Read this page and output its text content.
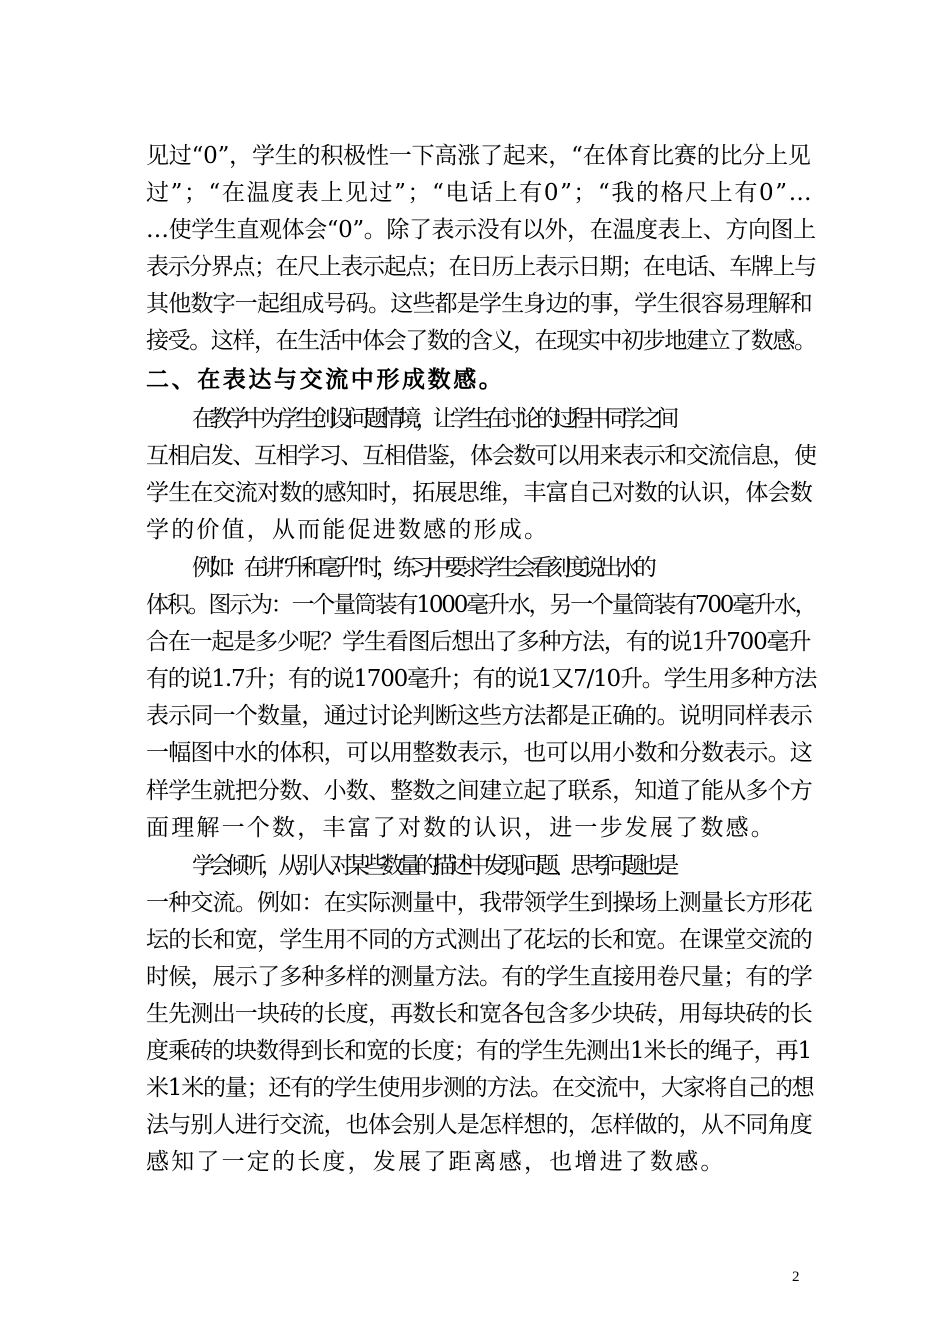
见过“0”，学生的积极性一下高涨了起来，“在体育比赛的比分上见
过”；“在温度表上见过”；“电话上有0”；“我的格尺上有0”…
…使学生直观体会“0”。除了表示没有以外，在温度表上、方向图上
表示分界点；在尺上表示起点；在日历上表示日期；在电话、车牌上与
其他数字一起组成号码。这些都是学生身边的事，学生很容易理解和
接受。这样，在生活中体会了数的含义，在现实中初步地建立了数感。
二、在表达与交流中形成数感。
在教学中为学生创设问题情境，让学生在讨论的过程中同学之间
互相启发、互相学习、互相借鉴，体会数可以用来表示和交流信息，使
学生在交流对数的感知时，拓展思维，丰富自己对数的认识，体会数
学的价值，从而能促进数感的形成。
例如：在讲“升和毫升”时，练习中要求学生会看刻度说出水的
体积。图示为：一个量筒装有1000毫升水，另一个量筒装有700毫升水，
合在一起是多少呢？学生看图后想出了多种方法，有的说1升700毫升
有的说1.7升；有的说1700毫升；有的说1又7/10升。学生用多种方法
表示同一个数量，通过讨论判断这些方法都是正确的。说明同样表示
一幅图中水的体积，可以用整数表示，也可以用小数和分数表示。这
样学生就把分数、小数、整数之间建立起了联系，知道了能从多个方
面理解一个数，丰富了对数的认识，进一步发展了数感。
学会倾听，从别人对某些数量的描述中发现问题、思考问题也是
一种交流。例如：在实际测量中，我带领学生到操场上测量长方形花
坛的长和宽，学生用不同的方式测出了花坛的长和宽。在课堂交流的
时候，展示了多种多样的测量方法。有的学生直接用卷尺量；有的学
生先测出一块砖的长度，再数长和宽各包含多少块砖，用每块砖的长
度乘砖的块数得到长和宽的长度；有的学生先测出1米长的绳子，再1
米1米的量；还有的学生使用步测的方法。在交流中，大家将自己的想
法与别人进行交流，也体会别人是怎样想的，怎样做的，从不同角度
感知了一定的长度，发展了距离感，也增进了数感。
2
